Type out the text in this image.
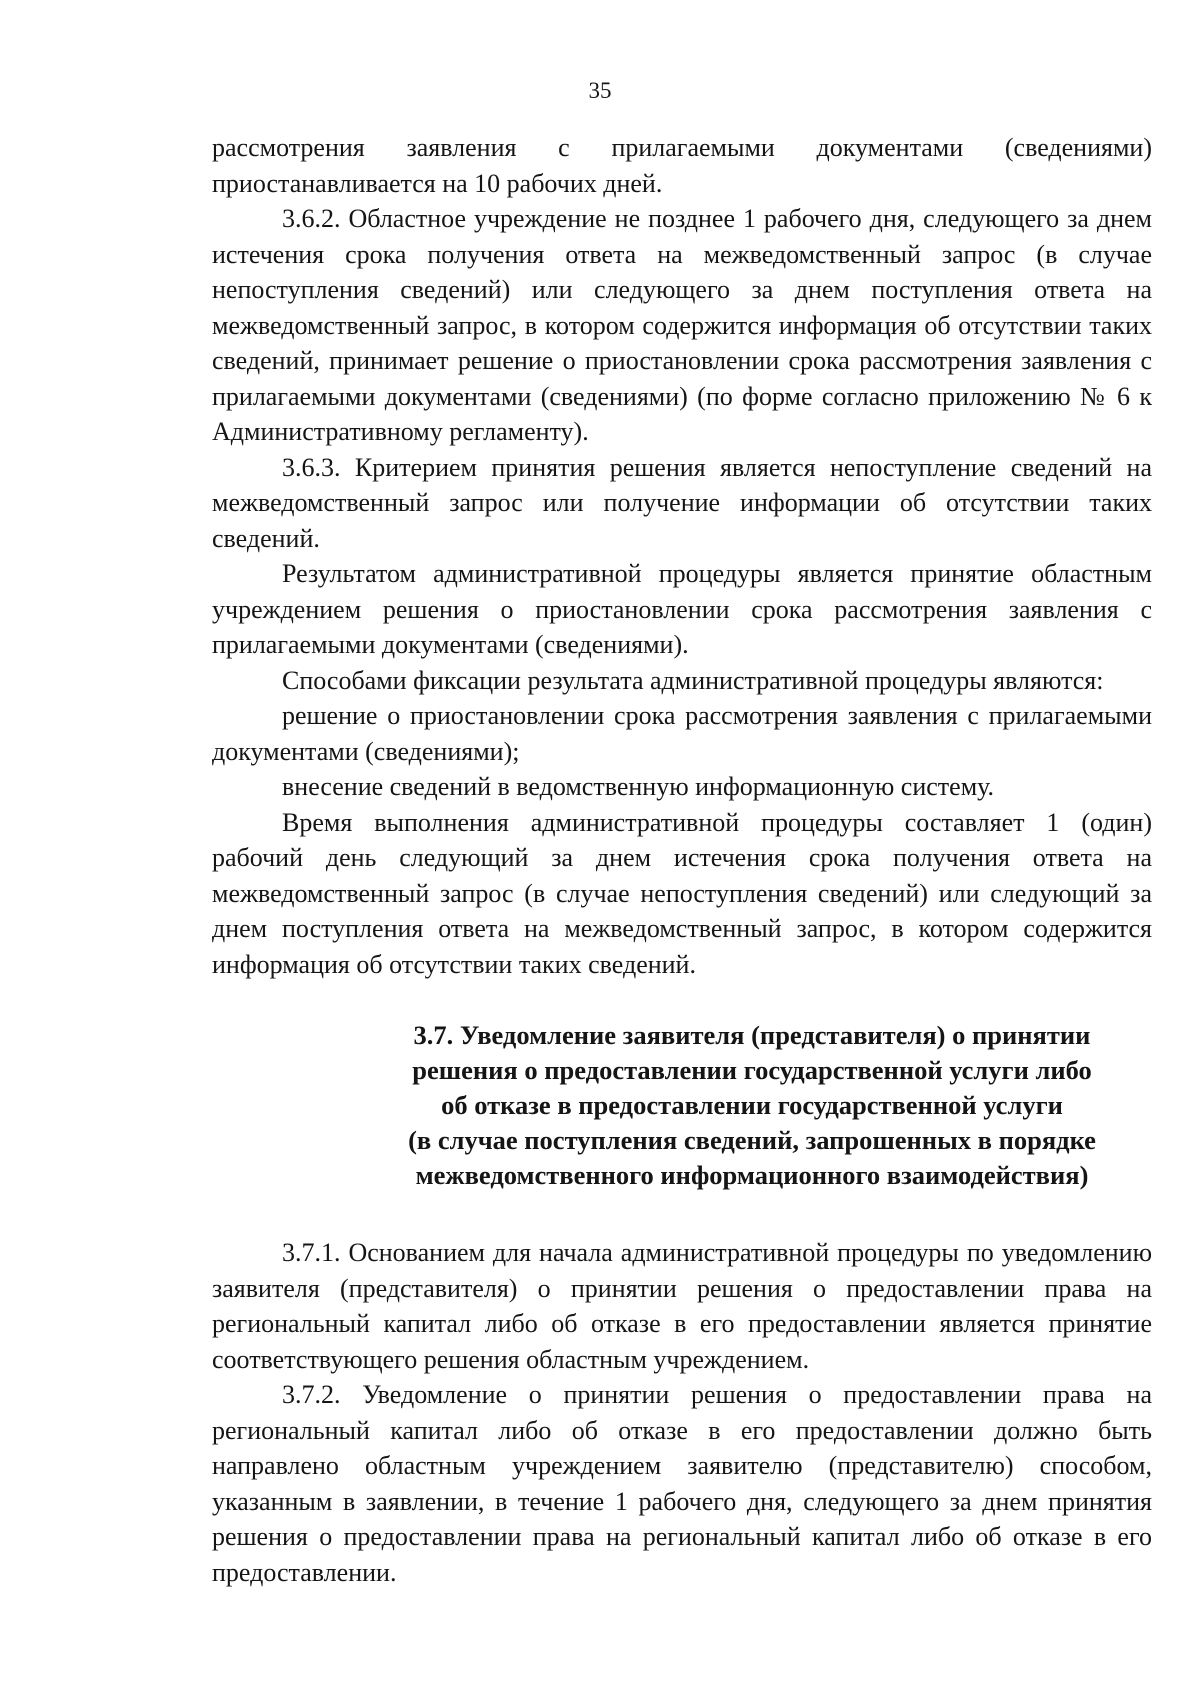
35

рассмотрения заявления с прилагаемыми документами (сведениями) приостанавливается на 10 рабочих дней.

3.6.2. Областное учреждение не позднее 1 рабочего дня, следующего за днем истечения срока получения ответа на межведомственный запрос (в случае непоступления сведений) или следующего за днем поступления ответа на межведомственный запрос, в котором содержится информация об отсутствии таких сведений, принимает решение о приостановлении срока рассмотрения заявления с прилагаемыми документами (сведениями) (по форме согласно приложению № 6 к Административному регламенту).

3.6.3. Критерием принятия решения является непоступление сведений на межведомственный запрос или получение информации об отсутствии таких сведений.

Результатом административной процедуры является принятие областным учреждением решения о приостановлении срока рассмотрения заявления с прилагаемыми документами (сведениями).

Способами фиксации результата административной процедуры являются:

решение о приостановлении срока рассмотрения заявления с прилагаемыми документами (сведениями);

внесение сведений в ведомственную информационную систему.

Время выполнения административной процедуры составляет 1 (один) рабочий день следующий за днем истечения срока получения ответа на межведомственный запрос (в случае непоступления сведений) или следующий за днем поступления ответа на межведомственный запрос, в котором содержится информация об отсутствии таких сведений.

3.7. Уведомление заявителя (представителя) о принятии
решения о предоставлении государственной услуги либо
об отказе в предоставлении государственной услуги
(в случае поступления сведений, запрошенных в порядке
межведомственного информационного взаимодействия)

3.7.1. Основанием для начала административной процедуры по уведомлению заявителя (представителя) о принятии решения о предоставлении права на региональный капитал либо об отказе в его предоставлении является принятие соответствующего решения областным учреждением.

3.7.2. Уведомление о принятии решения о предоставлении права на региональный капитал либо об отказе в его предоставлении должно быть направлено областным учреждением заявителю (представителю) способом, указанным в заявлении, в течение 1 рабочего дня, следующего за днем принятия решения о предоставлении права на региональный капитал либо об отказе в его предоставлении.
